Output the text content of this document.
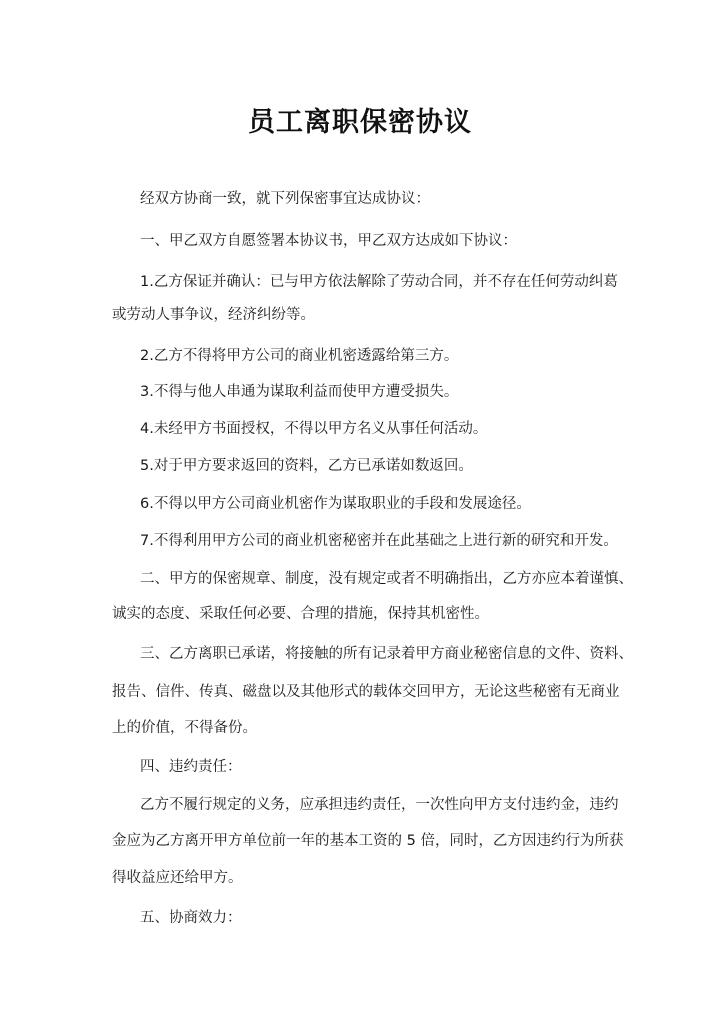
员工离职保密协议
经双方协商一致，就下列保密事宜达成协议：
一、甲乙双方自愿签署本协议书，甲乙双方达成如下协议：
1.乙方保证并确认：已与甲方依法解除了劳动合同，并不存在任何劳动纠葛
或劳动人事争议，经济纠纷等。
2.乙方不得将甲方公司的商业机密透露给第三方。
3.不得与他人串通为谋取利益而使甲方遭受损失。
4.未经甲方书面授权，不得以甲方名义从事任何活动。
5.对于甲方要求返回的资料，乙方已承诺如数返回。
6.不得以甲方公司商业机密作为谋取职业的手段和发展途径。
7.不得利用甲方公司的商业机密秘密并在此基础之上进行新的研究和开发。
二、甲方的保密规章、制度，没有规定或者不明确指出，乙方亦应本着谨慎、
诚实的态度、采取任何必要、合理的措施，保持其机密性。
三、乙方离职已承诺，将接触的所有记录着甲方商业秘密信息的文件、资料、
报告、信件、传真、磁盘以及其他形式的载体交回甲方，无论这些秘密有无商业
上的价值，不得备份。
四、违约责任：
乙方不履行规定的义务，应承担违约责任，一次性向甲方支付违约金，违约
金应为乙方离开甲方单位前一年的基本工资的 5 倍，同时，乙方因违约行为所获
得收益应还给甲方。
五、协商效力：
